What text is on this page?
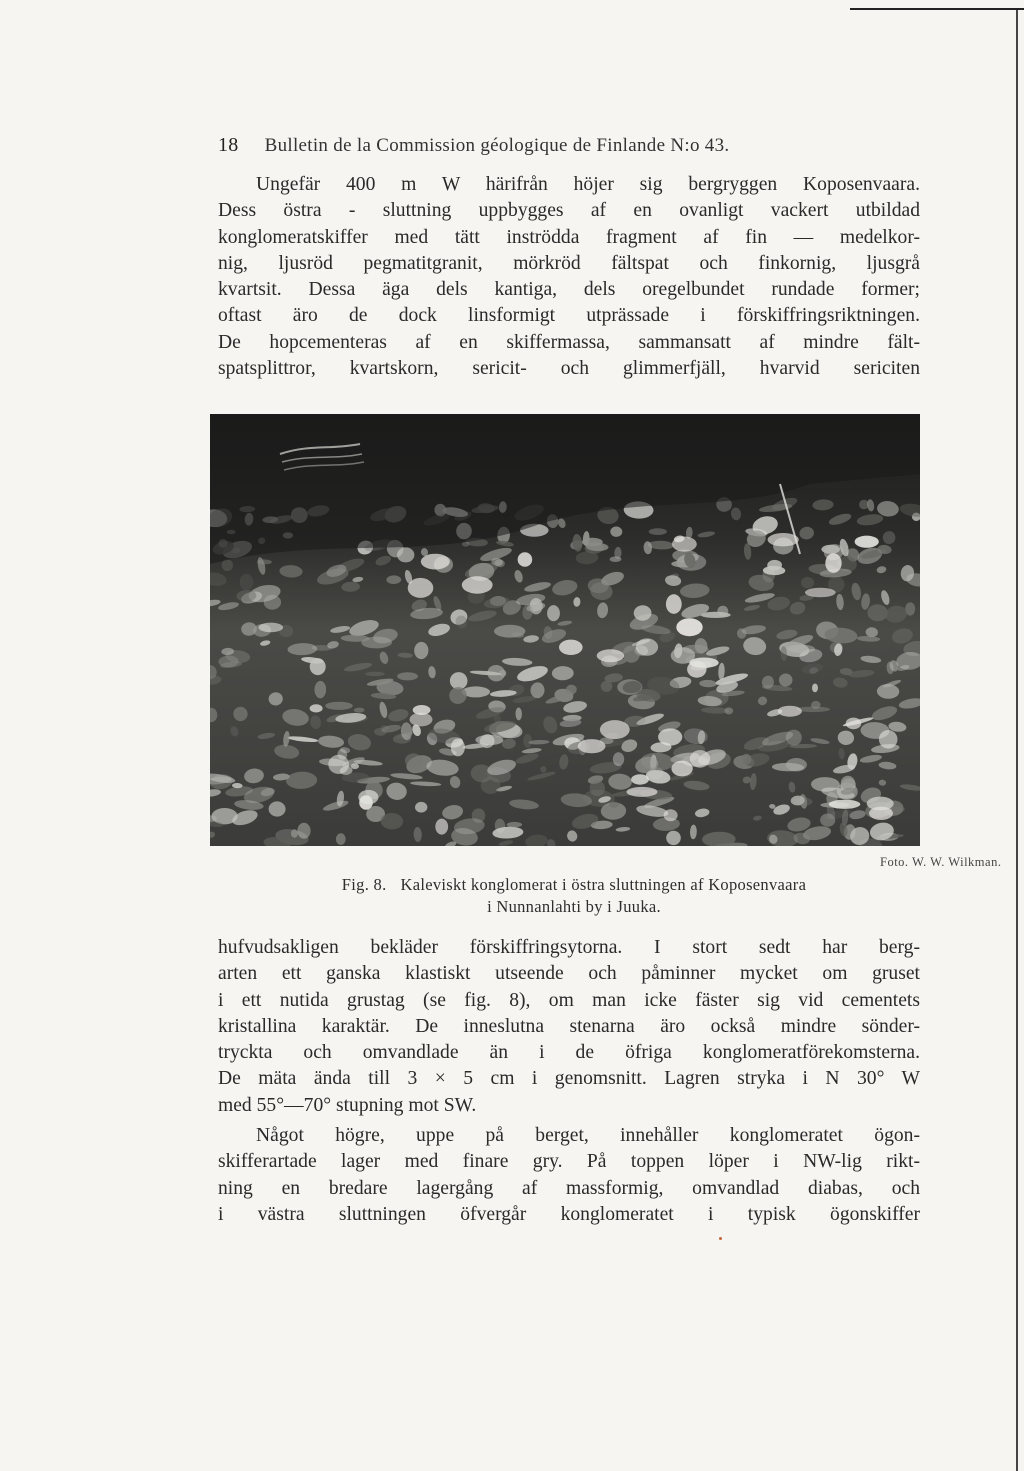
18 Bulletin de la Commission géologique de Finlande N:o 43.
Ungefär 400 m W härifrån höjer sig bergryggen Koposenvaara.
Dess östra - sluttning uppbygges af en ovanligt vackert utbildad
konglomeratskiffer med tätt inströdda fragment af fin — medelkor-
nig, ljusröd pegmatitgranit, mörkröd fältspat och finkornig, ljusgrå
kvartsit. Dessa äga dels kantiga, dels oregelbundet rundade former;
oftast äro de dock linsformigt utprässade i förskiffringsriktningen.
De hopcementeras af en skiffermassa, sammansatt af mindre fält-
spatsplittror, kvartskorn, sericit- och glimmerfjäll, hvarvid sericiten
Foto. W. W. Wilkman.
Fig. 8. Kaleviskt konglomerat i östra sluttningen af Koposenvaara
i Nunnanlahti by i Juuka.
hufvudsakligen bekläder förskiffringsytorna. I stort sedt har berg-
arten ett ganska klastiskt utseende och påminner mycket om gruset
i ett nutida grustag (se fig. 8), om man icke fäster sig vid cementets
kristallina karaktär. De inneslutna stenarna äro också mindre sönder-
tryckta och omvandlade än i de öfriga konglomeratförekomsterna.
De mäta ända till 3 × 5 cm i genomsnitt. Lagren stryka i N 30° W
med 55°—70° stupning mot SW.
Något högre, uppe på berget, innehåller konglomeratet ögon-
skifferartade lager med finare gry. På toppen löper i NW-lig rikt-
ning en bredare lagergång af massformig, omvandlad diabas, och
i västra sluttningen öfvergår konglomeratet i typisk ögonskiffer
